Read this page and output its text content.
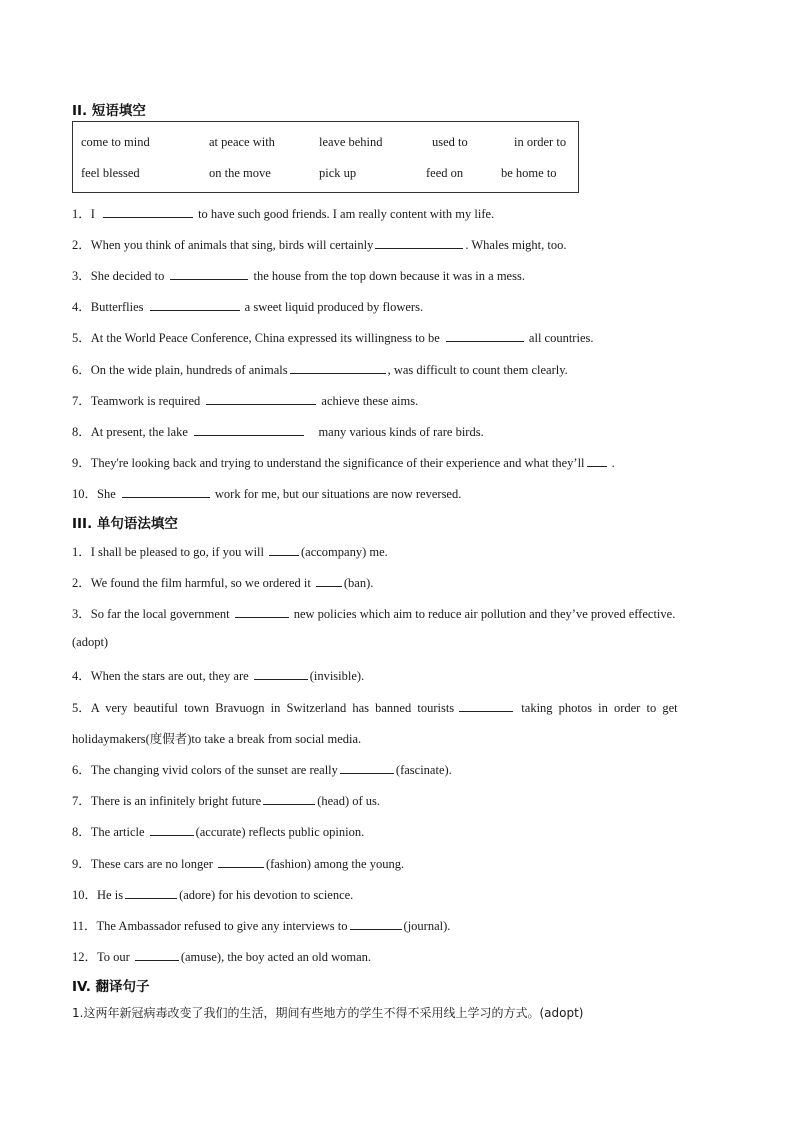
II. 短语填空
come to mind	at peace with	leave behind	used to	in order to
feel blessed	on the move	pick up	feed on	be home to
1．I	to have such good friends. I am really content with my life.
2．When you think of animals that sing, birds will certainly	. Whales might, too.
3．She decided to	the house from the top down because it was in a mess.
4．Butterflies	a sweet liquid produced by flowers.
5．At the World Peace Conference, China expressed its willingness to be	all countries.
6．On the wide plain, hundreds of animals	, was difficult to count them clearly.
7．Teamwork is required	achieve these aims.
8．At present, the lake	many various kinds of rare birds.
9．They're looking back and trying to understand the significance of their experience and what they’ll .
10．She	work for me, but our situations are now reversed.
III. 单句语法填空
1．I shall be pleased to go, if you will	(accompany) me.
2．We found the film harmful, so we ordered it	(ban).
3．So far the local government	new policies which aim to reduce air pollution and they’ve proved effective.
(adopt)
4．When the stars are out, they are	(invisible).
5．A very beautiful town Bravuogn in Switzerland has banned tourists	taking photos in order to get
holidaymakers(度假者)to take a break from social media.
6．The changing vivid colors of the sunset are really	(fascinate).
7．There is an infinitely bright future	(head) of us.
8．The article	(accurate) reflects public opinion.
9．These cars are no longer	(fashion) among the young.
10．He is	(adore) for his devotion to science.
11．The Ambassador refused to give any interviews to	(journal).
12．To our	(amuse), the boy acted an old woman.
IV. 翻译句子
1.这两年新冠病毒改变了我们的生活，期间有些地方的学生不得不采用线上学习的方式。(adopt)
